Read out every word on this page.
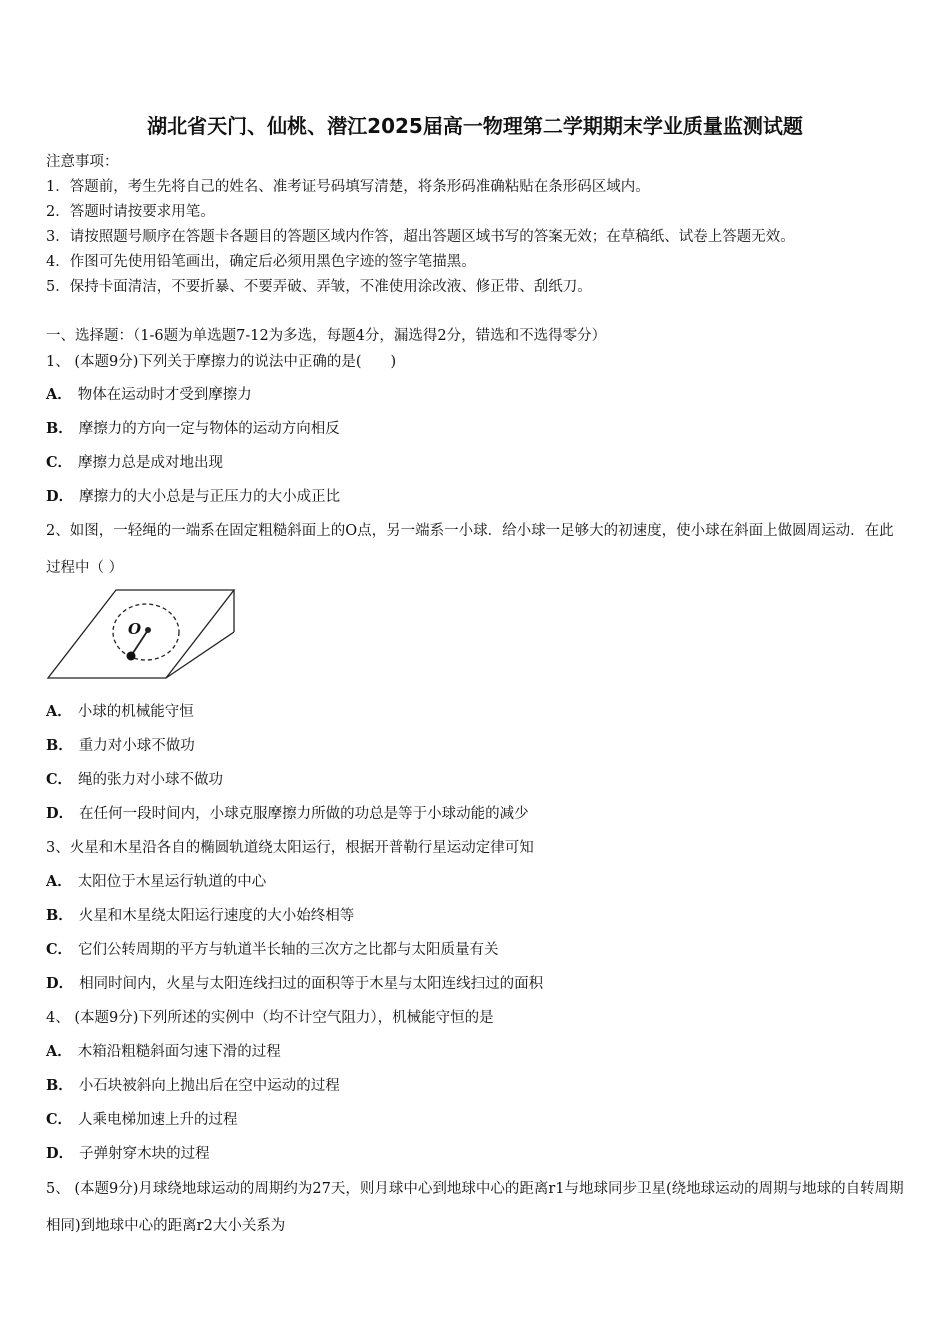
湖北省天门、仙桃、潜江2025届高一物理第二学期期末学业质量监测试题
注意事项：
1．答题前，考生先将自己的姓名、准考证号码填写清楚，将条形码准确粘贴在条形码区域内。
2．答题时请按要求用笔。
3．请按照题号顺序在答题卡各题目的答题区域内作答，超出答题区域书写的答案无效；在草稿纸、试卷上答题无效。
4．作图可先使用铅笔画出，确定后必须用黑色字迹的签字笔描黑。
5．保持卡面清洁，不要折暴、不要弄破、弄皱，不准使用涂改液、修正带、刮纸刀。
一、选择题：（1-6题为单选题7-12为多选，每题4分，漏选得2分，错选和不选得零分）
1、 (本题9分)下列关于摩擦力的说法中正确的是(　　)
A． 物体在运动时才受到摩擦力
B． 摩擦力的方向一定与物体的运动方向相反
C． 摩擦力总是成对地出现
D． 摩擦力的大小总是与正压力的大小成正比
2、如图，一轻绳的一端系在固定粗糙斜面上的O点，另一端系一小球．给小球一足够大的初速度，使小球在斜面上做圆周运动．在此过程中（ ）
O
A． 小球的机械能守恒
B． 重力对小球不做功
C． 绳的张力对小球不做功
D． 在任何一段时间内，小球克服摩擦力所做的功总是等于小球动能的减少
3、火星和木星沿各自的椭圆轨道绕太阳运行，根据开普勒行星运动定律可知
A． 太阳位于木星运行轨道的中心
B． 火星和木星绕太阳运行速度的大小始终相等
C． 它们公转周期的平方与轨道半长轴的三次方之比都与太阳质量有关
D． 相同时间内，火星与太阳连线扫过的面积等于木星与太阳连线扫过的面积
4、 (本题9分)下列所述的实例中（均不计空气阻力），机械能守恒的是
A． 木箱沿粗糙斜面匀速下滑的过程
B． 小石块被斜向上抛出后在空中运动的过程
C． 人乘电梯加速上升的过程
D． 子弹射穿木块的过程
5、 (本题9分)月球绕地球运动的周期约为27天，则月球中心到地球中心的距离r1与地球同步卫星(绕地球运动的周期与地球的自转周期相同)到地球中心的距离r2大小关系为
